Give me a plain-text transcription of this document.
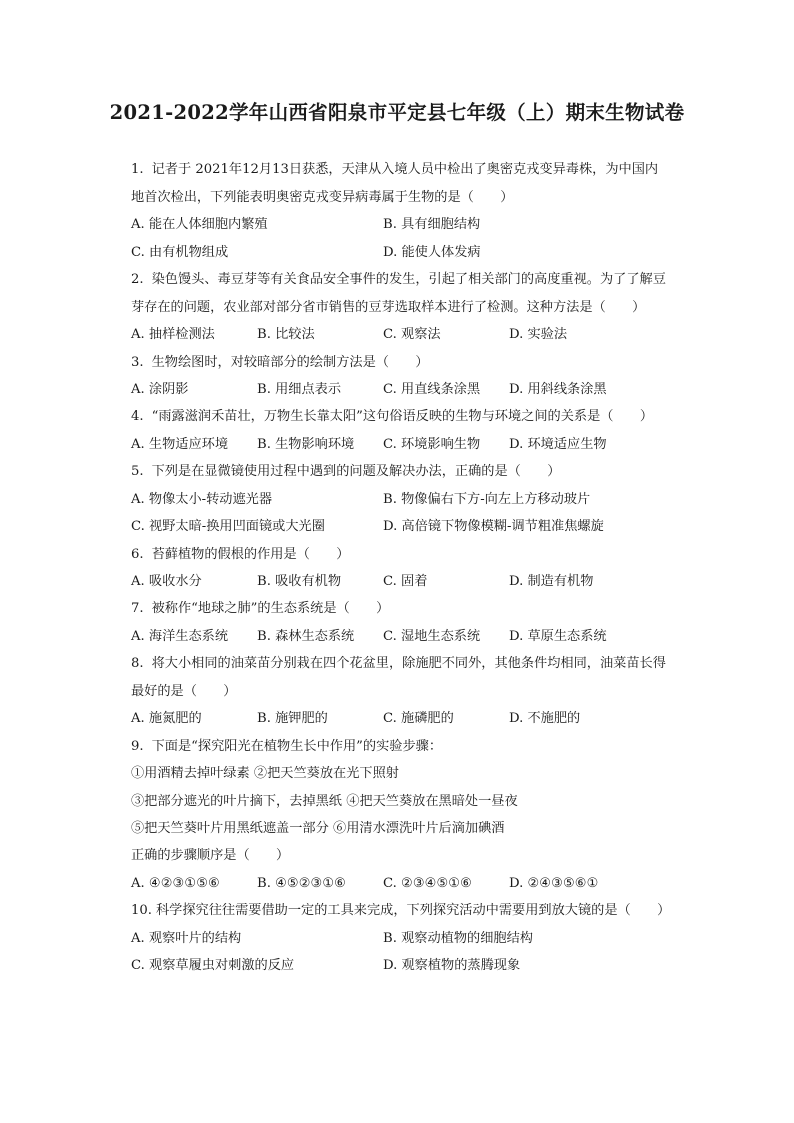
2021-2022学年山西省阳泉市平定县七年级（上）期末生物试卷
1. 记者于 2021年12月13日获悉，天津从入境人员中检出了奥密克戎变异毒株，为中国内
地首次检出，下列能表明奥密克戎变异病毒属于生物的是（　　）
A. 能在人体细胞内繁殖	B. 具有细胞结构
C. 由有机物组成	D. 能使人体发病
2. 染色馒头、毒豆芽等有关食品安全事件的发生，引起了相关部门的高度重视。为了了解豆
芽存在的问题，农业部对部分省市销售的豆芽选取样本进行了检测。这种方法是（　　）
A. 抽样检测法	B. 比较法	C. 观察法	D. 实验法
3. 生物绘图时，对较暗部分的绘制方法是（　　）
A. 涂阴影	B. 用细点表示	C. 用直线条涂黑 D. 用斜线条涂黑
4. “雨露滋润禾苗壮，万物生长靠太阳”这句俗语反映的生物与环境之间的关系是（　　）
A. 生物适应环境 B. 生物影响环境 C. 环境影响生物 D. 环境适应生物
5. 下列是在显微镜使用过程中遇到的问题及解决办法，正确的是（　　）
A. 物像太小-转动遮光器	B. 物像偏右下方-向左上方移动玻片
C. 视野太暗-换用凹面镜或大光圈	D. 高倍镜下物像模糊-调节粗准焦螺旋
6. 苔藓植物的假根的作用是（　　）
A. 吸收水分	B. 吸收有机物	C. 固着	D. 制造有机物
7. 被称作“地球之肺”的生态系统是（　　）
A. 海洋生态系统 B. 森林生态系统 C. 湿地生态系统 D. 草原生态系统
8. 将大小相同的油菜苗分别栽在四个花盆里，除施肥不同外，其他条件均相同，油菜苗长得
最好的是（　　）
A. 施氮肥的	B. 施钾肥的	C. 施磷肥的	D. 不施肥的
9. 下面是“探究阳光在植物生长中作用”的实验步骤：
①用酒精去掉叶绿素 ②把天竺葵放在光下照射
③把部分遮光的叶片摘下，去掉黑纸 ④把天竺葵放在黑暗处一昼夜
⑤把天竺葵叶片用黑纸遮盖一部分 ⑥用清水漂洗叶片后滴加碘酒
正确的步骤顺序是（　　）
A. ④②③①⑤⑥	B. ④⑤②③①⑥	C. ②③④⑤①⑥	D. ②④③⑤⑥①
10. 科学探究往往需要借助一定的工具来完成，下列探究活动中需要用到放大镜的是（　　）
A. 观察叶片的结构	B. 观察动植物的细胞结构
C. 观察草履虫对刺激的反应	D. 观察植物的蒸腾现象
